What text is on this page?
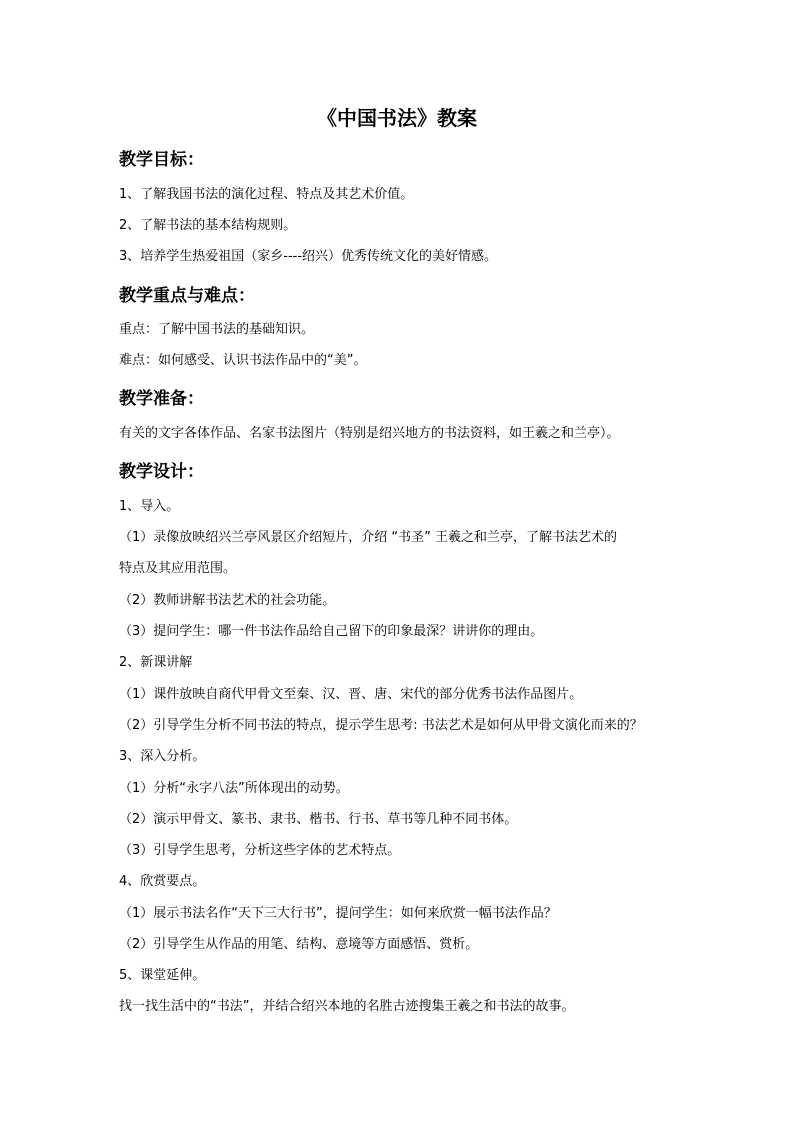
《中国书法》教案
教学目标：
1、了解我国书法的演化过程、特点及其艺术价值。
2、了解书法的基本结构规则。
3、培养学生热爱祖国（家乡----绍兴）优秀传统文化的美好情感。
教学重点与难点：
重点：了解中国书法的基础知识。
难点：如何感受、认识书法作品中的“美”。
教学准备：
有关的文字各体作品、名家书法图片（特别是绍兴地方的书法资料，如王羲之和兰亭）。
教学设计：
1、导入。
（1）录像放映绍兴兰亭风景区介绍短片，介绍 “书圣” 王羲之和兰亭，了解书法艺术的
特点及其应用范围。
（2）教师讲解书法艺术的社会功能。
（3）提问学生：哪一件书法作品给自己留下的印象最深？讲讲你的理由。
2、新课讲解
（1）课件放映自商代甲骨文至秦、汉、晋、唐、宋代的部分优秀书法作品图片。
（2）引导学生分析不同书法的特点，提示学生思考: 书法艺术是如何从甲骨文演化而来的？
3、深入分析。
（1）分析“永字八法”所体现出的动势。
（2）演示甲骨文、篆书、隶书、楷书、行书、草书等几种不同书体。
（3）引导学生思考，分析这些字体的艺术特点。
4、欣赏要点。
（1）展示书法名作“天下三大行书”，提问学生：如何来欣赏一幅书法作品？
（2）引导学生从作品的用笔、结构、意境等方面感悟、赏析。
5、课堂延伸。
找一找生活中的“书法”，并结合绍兴本地的名胜古迹搜集王羲之和书法的故事。
